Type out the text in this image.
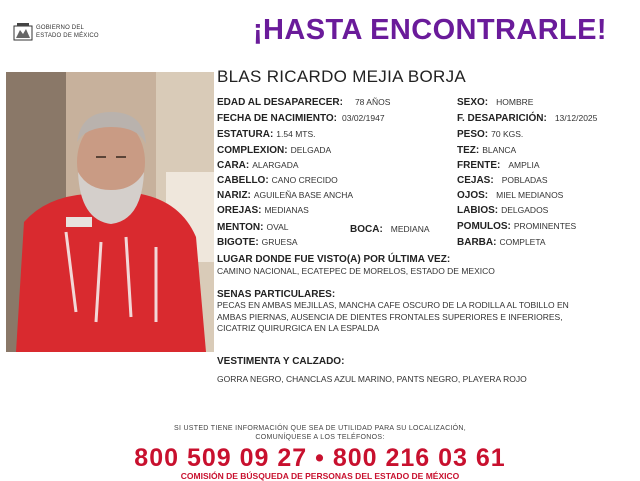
GOBIERNO DEL
ESTADO DE MÉXICO	¡HASTA ENCONTRARLE!
BLAS RICARDO MEJIA BORJA
EDAD AL DESAPARECER: 78 AÑOS
FECHA DE NACIMIENTO: 03/02/1947
ESTATURA: 1.54 MTS.
COMPLEXION: DELGADA
CARA: ALARGADA
CABELLO: CANO CRECIDO
NARIZ: AGUILEÑA BASE ANCHA
OREJAS: MEDIANAS
MENTON: OVAL	BOCA: MEDIANA
BIGOTE: GRUESA
SEXO: HOMBRE
F. DESAPARICIÓN: 13/12/2025
PESO: 70 KGS.
TEZ: BLANCA
FRENTE: AMPLIA
CEJAS: POBLADAS
OJOS: MIEL MEDIANOS
LABIOS: DELGADOS
POMULOS: PROMINENTES
BARBA: COMPLETA
LUGAR DONDE FUE VISTO(A) POR ÚLTIMA VEZ:
CAMINO NACIONAL, ECATEPEC DE MORELOS, ESTADO DE MEXICO
SENAS PARTICULARES:
PECAS EN AMBAS MEJILLAS, MANCHA CAFE OSCURO DE LA RODILLA AL TOBILLO EN
AMBAS PIERNAS, AUSENCIA DE DIENTES FRONTALES SUPERIORES E INFERIORES,
CICATRIZ QUIRURGICA EN LA ESPALDA
VESTIMENTA Y CALZADO:
GORRA NEGRO, CHANCLAS AZUL MARINO, PANTS NEGRO, PLAYERA ROJO
SI USTED TIENE INFORMACIÓN QUE SEA DE UTILIDAD PARA SU LOCALIZACIÓN,
COMUNÍQUESE A LOS TELÉFONOS:
800 509 09 27 • 800 216 03 61
COMISIÓN DE BÚSQUEDA DE PERSONAS DEL ESTADO DE MÉXICO
